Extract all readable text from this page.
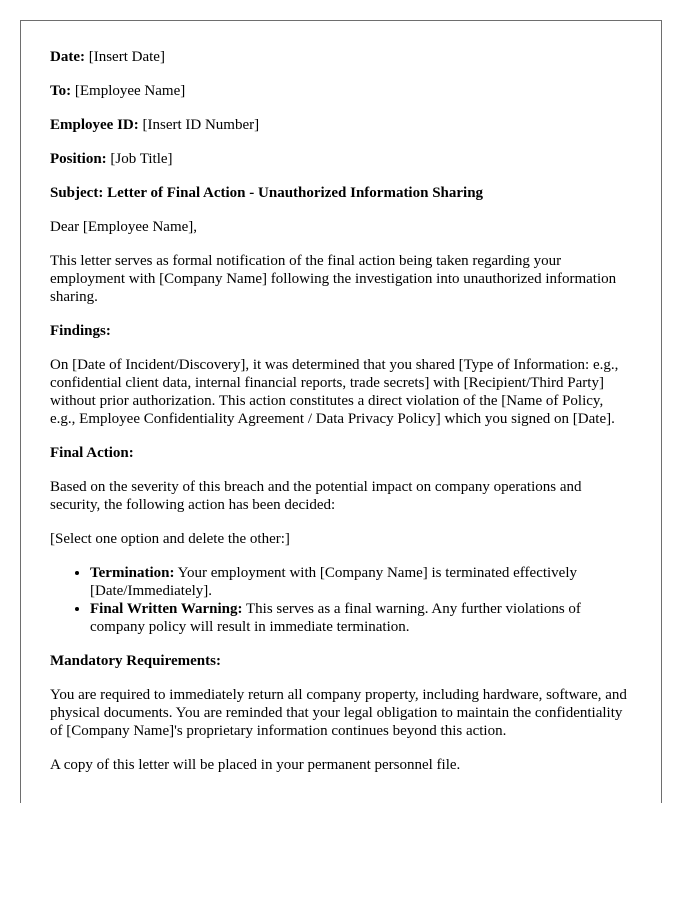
Date: [Insert Date]

To: [Employee Name]

Employee ID: [Insert ID Number]

Position: [Job Title]

Subject: Letter of Final Action - Unauthorized Information Sharing

Dear [Employee Name],

This letter serves as formal notification of the final action being taken regarding your employment with [Company Name] following the investigation into unauthorized information sharing.

Findings:

On [Date of Incident/Discovery], it was determined that you shared [Type of Information: e.g., confidential client data, internal financial reports, trade secrets] with [Recipient/Third Party] without prior authorization. This action constitutes a direct violation of the [Name of Policy, e.g., Employee Confidentiality Agreement / Data Privacy Policy] which you signed on [Date].

Final Action:

Based on the severity of this breach and the potential impact on company operations and security, the following action has been decided:

[Select one option and delete the other:]

• Termination: Your employment with [Company Name] is terminated effectively [Date/Immediately].
• Final Written Warning: This serves as a final warning. Any further violations of company policy will result in immediate termination.

Mandatory Requirements:

You are required to immediately return all company property, including hardware, software, and physical documents. You are reminded that your legal obligation to maintain the confidentiality of [Company Name]'s proprietary information continues beyond this action.

A copy of this letter will be placed in your permanent personnel file.
